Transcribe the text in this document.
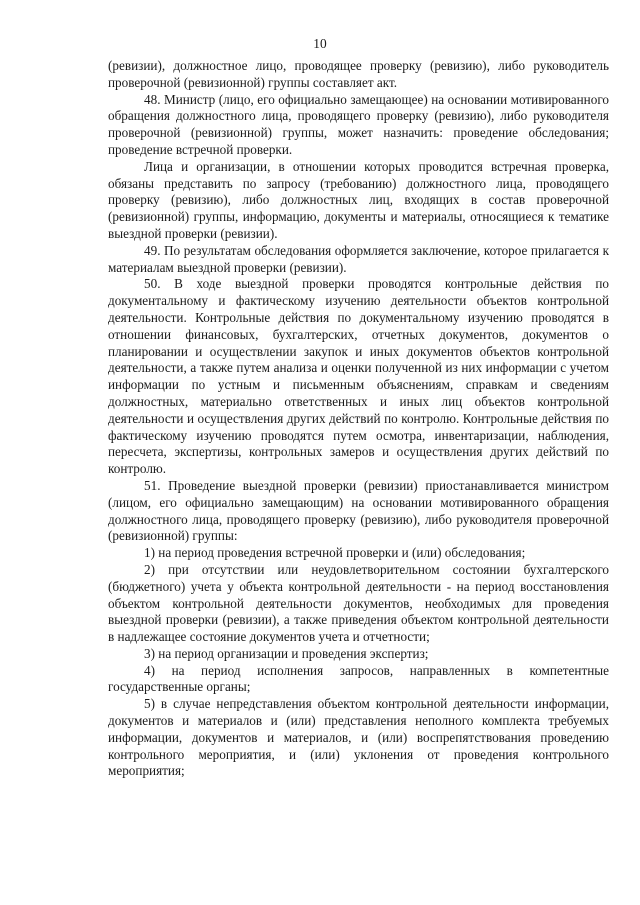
10

(ревизии), должностное лицо, проводящее проверку (ревизию), либо руководитель проверочной (ревизионной) группы составляет акт.

48. Министр (лицо, его официально замещающее) на основании мотивированного обращения должностного лица, проводящего проверку (ревизию), либо руководителя проверочной (ревизионной) группы, может назначить: проведение обследования; проведение встречной проверки.

Лица и организации, в отношении которых проводится встречная проверка, обязаны представить по запросу (требованию) должностного лица, проводящего проверку (ревизию), либо должностных лиц, входящих в состав проверочной (ревизионной) группы, информацию, документы и материалы, относящиеся к тематике выездной проверки (ревизии).

49. По результатам обследования оформляется заключение, которое прилагается к материалам выездной проверки (ревизии).

50. В ходе выездной проверки проводятся контрольные действия по документальному и фактическому изучению деятельности объектов контрольной деятельности. Контрольные действия по документальному изучению проводятся в отношении финансовых, бухгалтерских, отчетных документов, документов о планировании и осуществлении закупок и иных документов объектов контрольной деятельности, а также путем анализа и оценки полученной из них информации с учетом информации по устным и письменным объяснениям, справкам и сведениям должностных, материально ответственных и иных лиц объектов контрольной деятельности и осуществления других действий по контролю. Контрольные действия по фактическому изучению проводятся путем осмотра, инвентаризации, наблюдения, пересчета, экспертизы, контрольных замеров и осуществления других действий по контролю.

51. Проведение выездной проверки (ревизии) приостанавливается министром (лицом, его официально замещающим) на основании мотивированного обращения должностного лица, проводящего проверку (ревизию), либо руководителя проверочной (ревизионной) группы:

1) на период проведения встречной проверки и (или) обследования;

2) при отсутствии или неудовлетворительном состоянии бухгалтерского (бюджетного) учета у объекта контрольной деятельности - на период восстановления объектом контрольной деятельности документов, необходимых для проведения выездной проверки (ревизии), а также приведения объектом контрольной деятельности в надлежащее состояние документов учета и отчетности;

3) на период организации и проведения экспертиз;

4) на период исполнения запросов, направленных в компетентные государственные органы;

5) в случае непредставления объектом контрольной деятельности информации, документов и материалов и (или) представления неполного комплекта требуемых информации, документов и материалов, и (или) воспрепятствования проведению контрольного мероприятия, и (или) уклонения от проведения контрольного мероприятия;
